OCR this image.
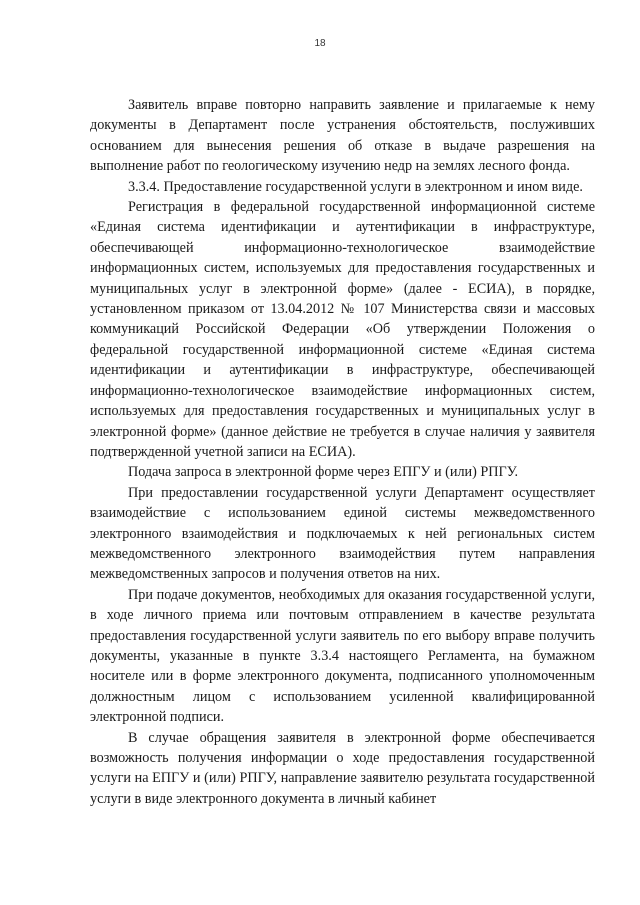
18

Заявитель вправе повторно направить заявление и прилагаемые к нему документы в Департамент после устранения обстоятельств, послуживших основанием для вынесения решения об отказе в выдаче разрешения на выполнение работ по геологическому изучению недр на землях лесного фонда.

3.3.4. Предоставление государственной услуги в электронном и ином виде.

Регистрация в федеральной государственной информационной системе «Единая система идентификации и аутентификации в инфраструктуре, обеспечивающей информационно-технологическое взаимодействие информационных систем, используемых для предоставления государственных и муниципальных услуг в электронной форме» (далее - ЕСИА), в порядке, установленном приказом от 13.04.2012 № 107 Министерства связи и массовых коммуникаций Российской Федерации «Об утверждении Положения о федеральной государственной информационной системе «Единая система идентификации и аутентификации в инфраструктуре, обеспечивающей информационно-технологическое взаимодействие информационных систем, используемых для предоставления государственных и муниципальных услуг в электронной форме» (данное действие не требуется в случае наличия у заявителя подтвержденной учетной записи на ЕСИА).

Подача запроса в электронной форме через ЕПГУ и (или) РПГУ.

При предоставлении государственной услуги Департамент осуществляет взаимодействие с использованием единой системы межведомственного электронного взаимодействия и подключаемых к ней региональных систем межведомственного электронного взаимодействия путем направления межведомственных запросов и получения ответов на них.

При подаче документов, необходимых для оказания государственной услуги, в ходе личного приема или почтовым отправлением в качестве результата предоставления государственной услуги заявитель по его выбору вправе получить документы, указанные в пункте 3.3.4 настоящего Регламента, на бумажном носителе или в форме электронного документа, подписанного уполномоченным должностным лицом с использованием усиленной квалифицированной электронной подписи.

В случае обращения заявителя в электронной форме обеспечивается возможность получения информации о ходе предоставления государственной услуги на ЕПГУ и (или) РПГУ, направление заявителю результата государственной услуги в виде электронного документа в личный кабинет
